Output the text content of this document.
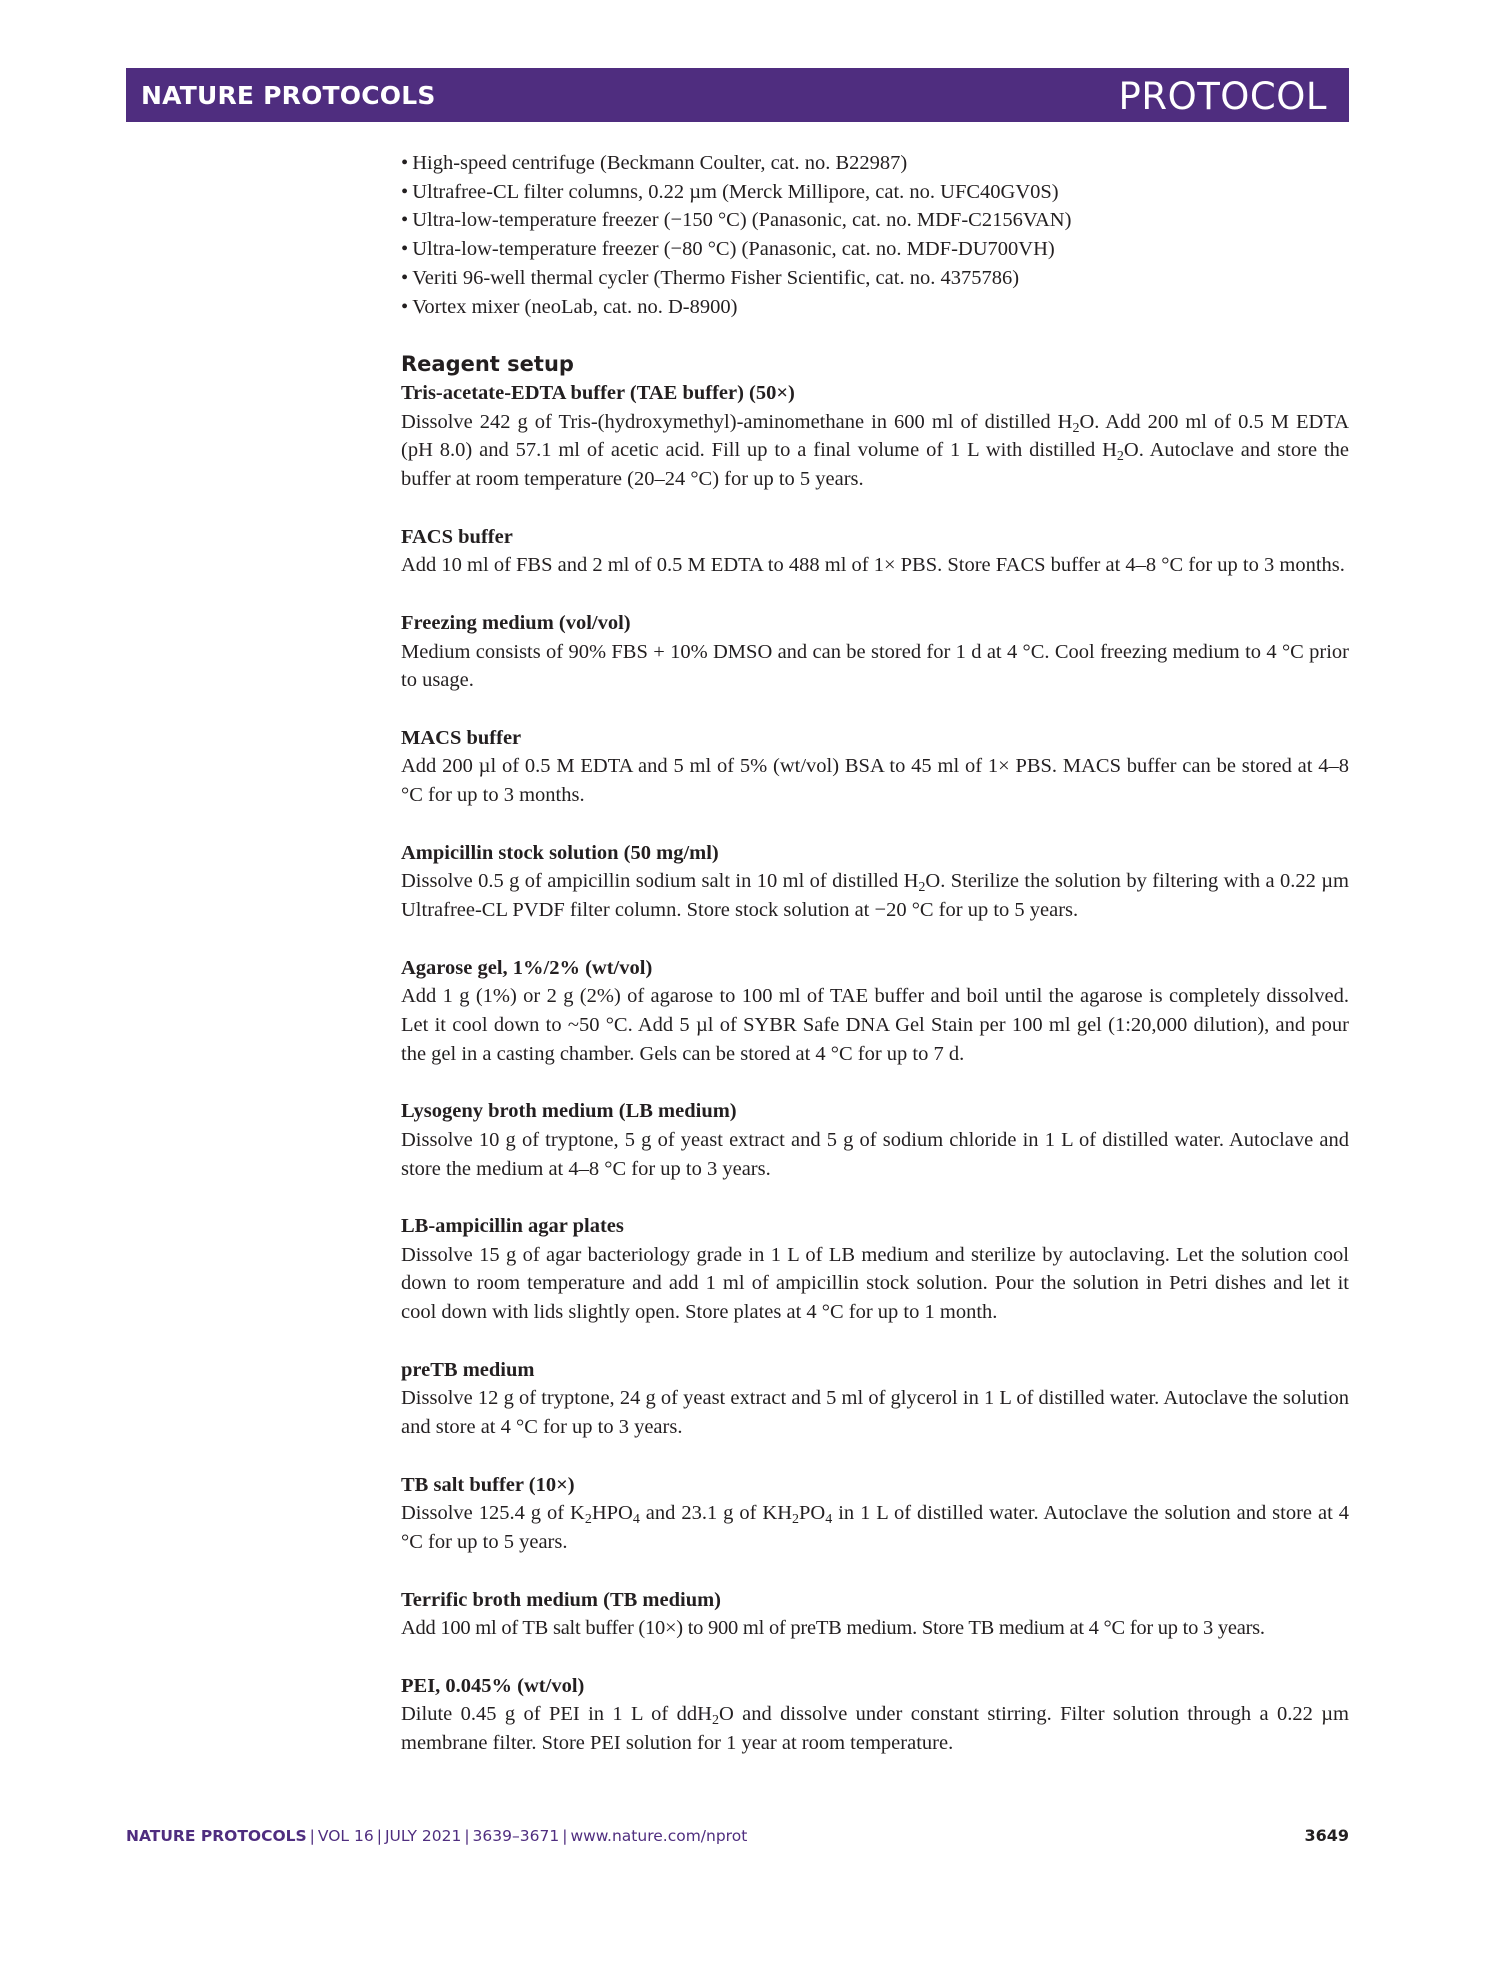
NATURE PROTOCOLS	PROTOCOL
• High-speed centrifuge (Beckmann Coulter, cat. no. B22987)
• Ultrafree-CL filter columns, 0.22 µm (Merck Millipore, cat. no. UFC40GV0S)
• Ultra-low-temperature freezer (−150 °C) (Panasonic, cat. no. MDF-C2156VAN)
• Ultra-low-temperature freezer (−80 °C) (Panasonic, cat. no. MDF-DU700VH)
• Veriti 96-well thermal cycler (Thermo Fisher Scientific, cat. no. 4375786)
• Vortex mixer (neoLab, cat. no. D-8900)
Reagent setup

Tris-acetate-EDTA buffer (TAE buffer) (50×)

Dissolve 242 g of Tris-(hydroxymethyl)-aminomethane in 600 ml of distilled $H_2O$. Add 200 ml of 0.5 M EDTA (pH 8.0) and 57.1 ml of acetic acid. Fill up to a final volume of 1 L with distilled $H_2O$. Autoclave and store the buffer at room temperature (20–24 °C) for up to 5 years.

FACS buffer

Add 10 ml of FBS and 2 ml of 0.5 M EDTA to 488 ml of 1× PBS. Store FACS buffer at 4–8 °C for up to 3 months.

Freezing medium (vol/vol)

Medium consists of 90% FBS + 10% DMSO and can be stored for 1 d at 4 °C. Cool freezing medium to 4 °C prior to usage.

MACS buffer

Add 200 µl of 0.5 M EDTA and 5 ml of 5% (wt/vol) BSA to 45 ml of 1× PBS. MACS buffer can be stored at 4–8 °C for up to 3 months.

Ampicillin stock solution (50 mg/ml)

Dissolve 0.5 g of ampicillin sodium salt in 10 ml of distilled $H_2O$. Sterilize the solution by filtering with a 0.22 µm Ultrafree-CL PVDF filter column. Store stock solution at −20 °C for up to 5 years.

Agarose gel, 1%/2% (wt/vol)

Add 1 g (1%) or 2 g (2%) of agarose to 100 ml of TAE buffer and boil until the agarose is completely dissolved. Let it cool down to ~50 °C. Add 5 µl of SYBR Safe DNA Gel Stain per 100 ml gel (1:20,000 dilution), and pour the gel in a casting chamber. Gels can be stored at 4 °C for up to 7 d.

Lysogeny broth medium (LB medium)

Dissolve 10 g of tryptone, 5 g of yeast extract and 5 g of sodium chloride in 1 L of distilled water. Autoclave and store the medium at 4–8 °C for up to 3 years.

LB-ampicillin agar plates

Dissolve 15 g of agar bacteriology grade in 1 L of LB medium and sterilize by autoclaving. Let the solution cool down to room temperature and add 1 ml of ampicillin stock solution. Pour the solution in Petri dishes and let it cool down with lids slightly open. Store plates at 4 °C for up to 1 month.

preTB medium

Dissolve 12 g of tryptone, 24 g of yeast extract and 5 ml of glycerol in 1 L of distilled water. Autoclave the solution and store at 4 °C for up to 3 years.

TB salt buffer (10×)

Dissolve 125.4 g of $K_2HPO_4$ and 23.1 g of $KH_2PO_4$ in 1 L of distilled water. Autoclave the solution and store at 4 °C for up to 5 years.

Terrific broth medium (TB medium)

Add 100 ml of TB salt buffer (10×) to 900 ml of preTB medium. Store TB medium at 4 °C for up to 3 years.

PEI, 0.045% (wt/vol)

Dilute 0.45 g of PEI in 1 L of ddH$_2$O and dissolve under constant stirring. Filter solution through a 0.22 µm membrane filter. Store PEI solution for 1 year at room temperature.

NATURE PROTOCOLS | VOL 16 | JULY 2021 | 3639–3671 | www.nature.com/nprot	3649
